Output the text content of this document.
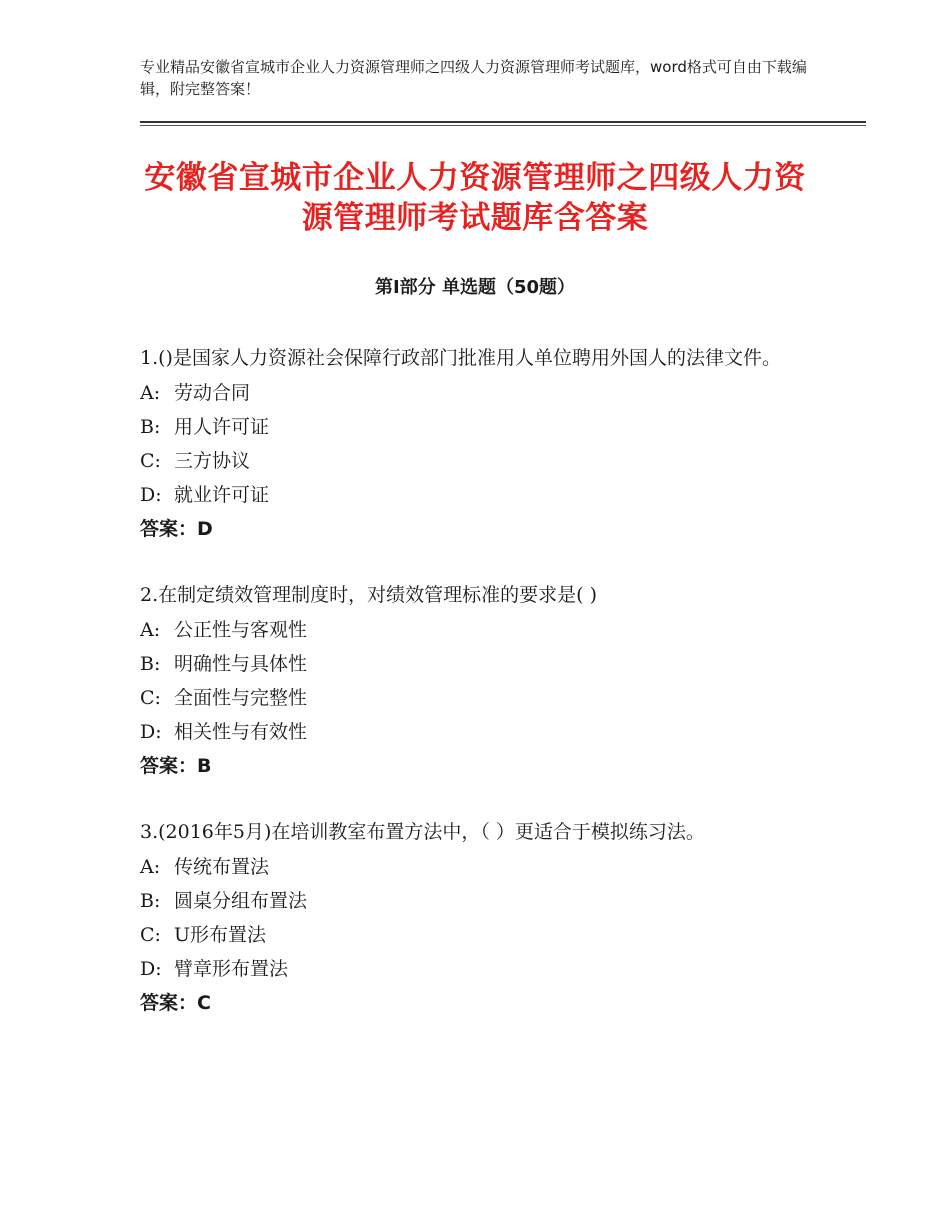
专业精品安徽省宣城市企业人力资源管理师之四级人力资源管理师考试题库，word格式可自由下载编辑，附完整答案！
安徽省宣城市企业人力资源管理师之四级人力资源管理师考试题库含答案
第Ⅰ部分 单选题（50题）
1.()是国家人力资源社会保障行政部门批准用人单位聘用外国人的法律文件。
A: 劳动合同
B: 用人许可证
C: 三方协议
D: 就业许可证
答案：D
2.在制定绩效管理制度时，对绩效管理标准的要求是( )
A: 公正性与客观性
B: 明确性与具体性
C: 全面性与完整性
D: 相关性与有效性
答案：B
3.(2016年5月)在培训教室布置方法中，（ ）更适合于模拟练习法。
A: 传统布置法
B: 圆桌分组布置法
C: U形布置法
D: 臂章形布置法
答案：C
